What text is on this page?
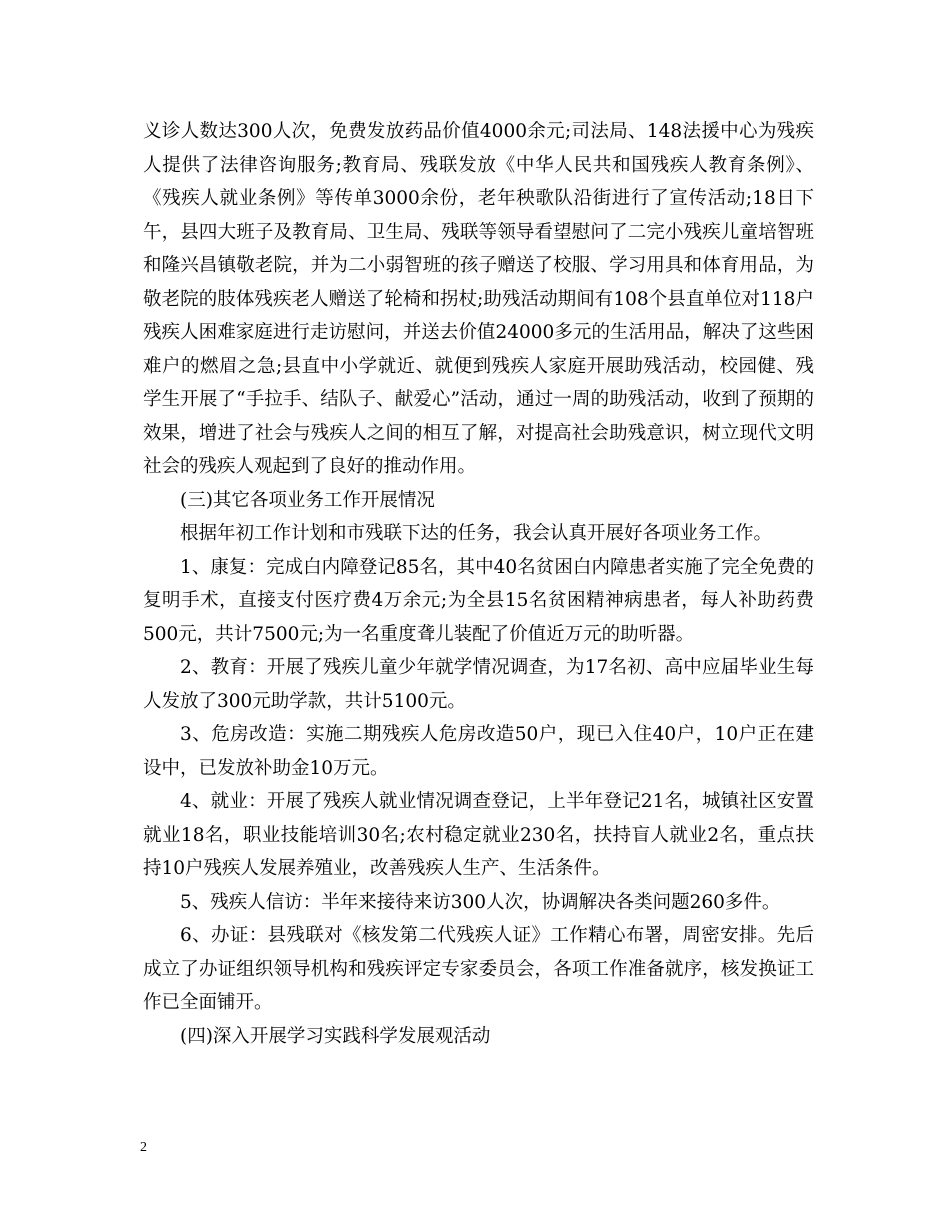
义诊人数达300人次，免费发放药品价值4000余元;司法局、148法援中心为残疾人提供了法律咨询服务;教育局、残联发放《中华人民共和国残疾人教育条例》、《残疾人就业条例》等传单3000余份，老年秧歌队沿街进行了宣传活动;18日下午，县四大班子及教育局、卫生局、残联等领导看望慰问了二完小残疾儿童培智班和隆兴昌镇敬老院，并为二小弱智班的孩子赠送了校服、学习用具和体育用品，为敬老院的肢体残疾老人赠送了轮椅和拐杖;助残活动期间有108个县直单位对118户残疾人困难家庭进行走访慰问，并送去价值24000多元的生活用品，解决了这些困难户的燃眉之急;县直中小学就近、就便到残疾人家庭开展助残活动，校园健、残学生开展了“手拉手、结队子、献爱心”活动，通过一周的助残活动，收到了预期的效果，增进了社会与残疾人之间的相互了解，对提高社会助残意识，树立现代文明社会的残疾人观起到了良好的推动作用。

(三)其它各项业务工作开展情况

根据年初工作计划和市残联下达的任务，我会认真开展好各项业务工作。

1、康复：完成白内障登记85名，其中40名贫困白内障患者实施了完全免费的复明手术，直接支付医疗费4万余元;为全县15名贫困精神病患者，每人补助药费500元，共计7500元;为一名重度聋儿装配了价值近万元的助听器。

2、教育：开展了残疾儿童少年就学情况调查，为17名初、高中应届毕业生每人发放了300元助学款，共计5100元。

3、危房改造：实施二期残疾人危房改造50户，现已入住40户，10户正在建设中，已发放补助金10万元。

4、就业：开展了残疾人就业情况调查登记，上半年登记21名，城镇社区安置就业18名，职业技能培训30名;农村稳定就业230名，扶持盲人就业2名，重点扶持10户残疾人发展养殖业，改善残疾人生产、生活条件。

5、残疾人信访：半年来接待来访300人次，协调解决各类问题260多件。

6、办证：县残联对《核发第二代残疾人证》工作精心布署，周密安排。先后成立了办证组织领导机构和残疾评定专家委员会，各项工作准备就序，核发换证工作已全面铺开。

(四)深入开展学习实践科学发展观活动

2
